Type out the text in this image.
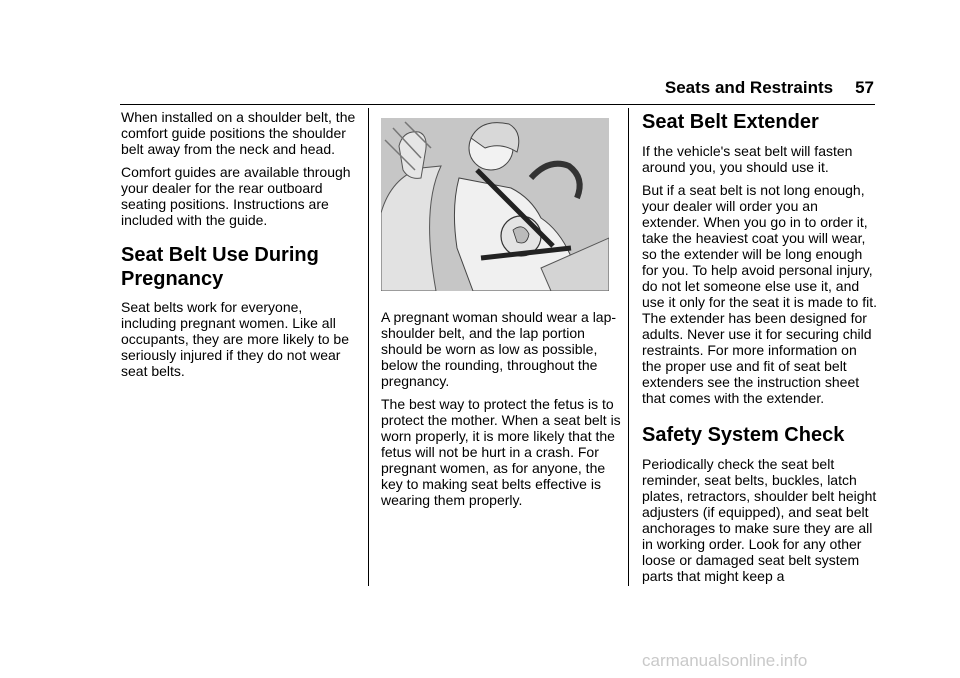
Seats and Restraints 57

When installed on a shoulder belt, the comfort guide positions the shoulder belt away from the neck and head.

Comfort guides are available through your dealer for the rear outboard seating positions. Instructions are included with the guide.

Seat Belt Use During Pregnancy

Seat belts work for everyone, including pregnant women. Like all occupants, they are more likely to be seriously injured if they do not wear seat belts.

A pregnant woman should wear a lap-shoulder belt, and the lap portion should be worn as low as possible, below the rounding, throughout the pregnancy.

The best way to protect the fetus is to protect the mother. When a seat belt is worn properly, it is more likely that the fetus will not be hurt in a crash. For pregnant women, as for anyone, the key to making seat belts effective is wearing them properly.

Seat Belt Extender

If the vehicle's seat belt will fasten around you, you should use it.

But if a seat belt is not long enough, your dealer will order you an extender. When you go in to order it, take the heaviest coat you will wear, so the extender will be long enough for you. To help avoid personal injury, do not let someone else use it, and use it only for the seat it is made to fit. The extender has been designed for adults. Never use it for securing child restraints. For more information on the proper use and fit of seat belt extenders see the instruction sheet that comes with the extender.

Safety System Check

Periodically check the seat belt reminder, seat belts, buckles, latch plates, retractors, shoulder belt height adjusters (if equipped), and seat belt anchorages to make sure they are all in working order. Look for any other loose or damaged seat belt system parts that might keep a

carmanualsonline.info
